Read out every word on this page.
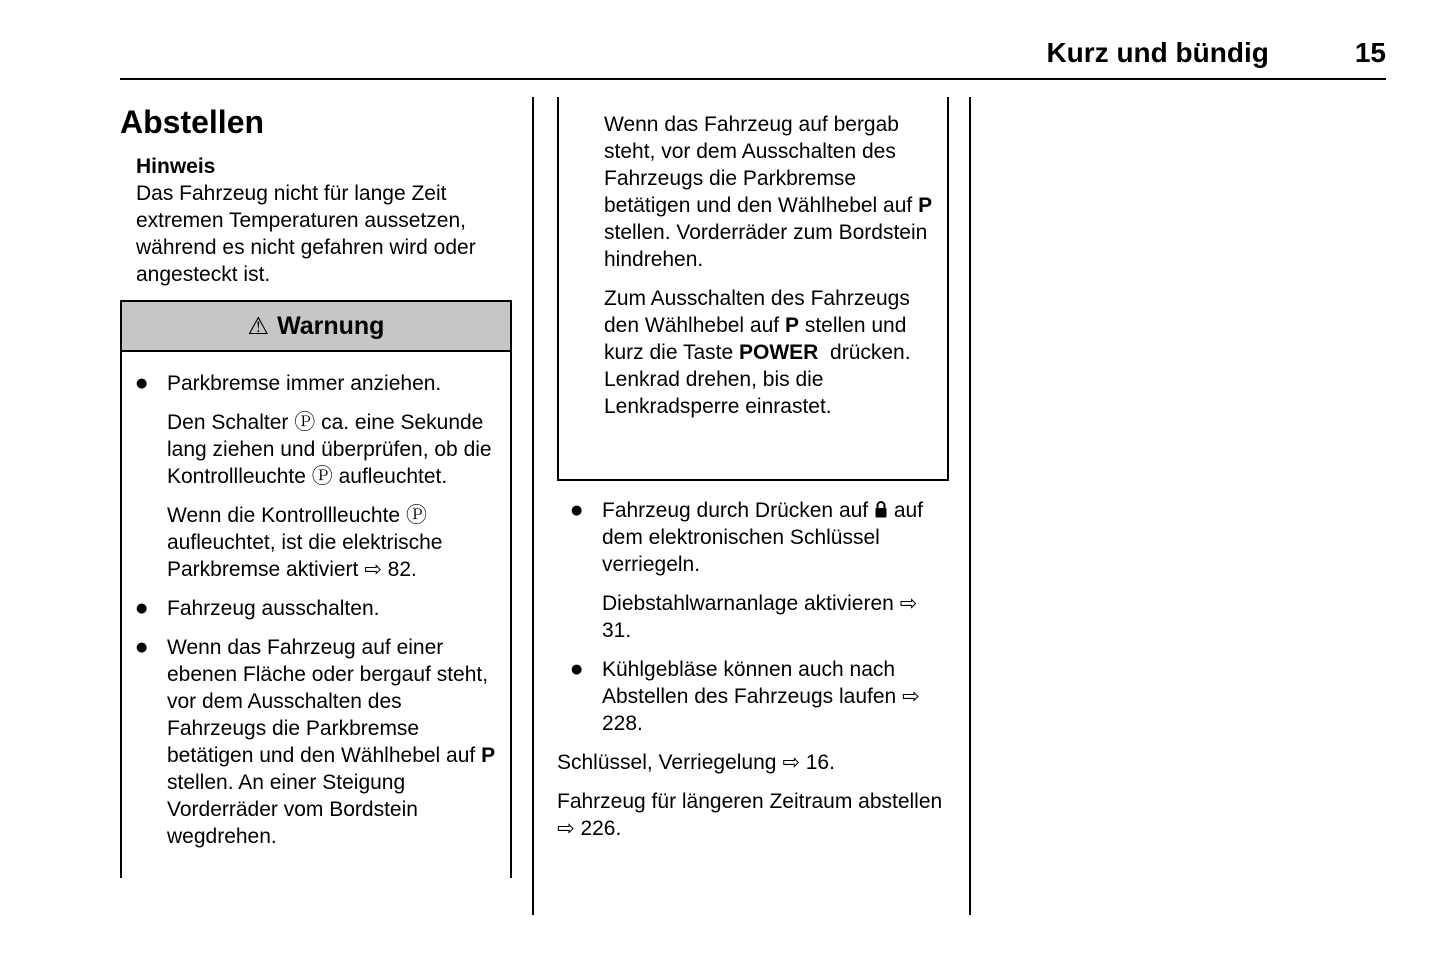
Kurz und bündig	15
Abstellen
Hinweis

Das Fahrzeug nicht für lange Zeit extremen Temperaturen aussetzen, während es nicht gefahren wird oder angesteckt ist.

⚠ Warnung
● Parkbremse immer anziehen.
Den Schalter Ⓟ ca. eine Sekunde lang ziehen und überprüfen, ob die Kontrollleuchte Ⓟ aufleuchtet.
Wenn die Kontrollleuchte Ⓟ aufleuchtet, ist die elektrische Parkbremse aktiviert ⇨ 82.
● Fahrzeug ausschalten.
● Wenn das Fahrzeug auf einer ebenen Fläche oder bergauf steht, vor dem Ausschalten des Fahrzeugs die Parkbremse betätigen und den Wählhebel auf P stellen. An einer Steigung Vorderräder vom Bordstein wegdrehen.
Wenn das Fahrzeug auf bergab steht, vor dem Ausschalten des Fahrzeugs die Parkbremse betätigen und den Wählhebel auf P stellen. Vorderräder zum Bordstein hindrehen.
Zum Ausschalten des Fahrzeugs den Wählhebel auf P stellen und kurz die Taste POWER  drücken. Lenkrad drehen, bis die Lenkradsperre einrastet.
● Fahrzeug durch Drücken auf  auf dem elektronischen Schlüssel verriegeln.
Diebstahlwarnanlage aktivieren ⇨ 31.
● Kühlgebläse können auch nach Abstellen des Fahrzeugs laufen ⇨ 228.
Schlüssel, Verriegelung ⇨ 16.
Fahrzeug für längeren Zeitraum abstellen ⇨ 226.
